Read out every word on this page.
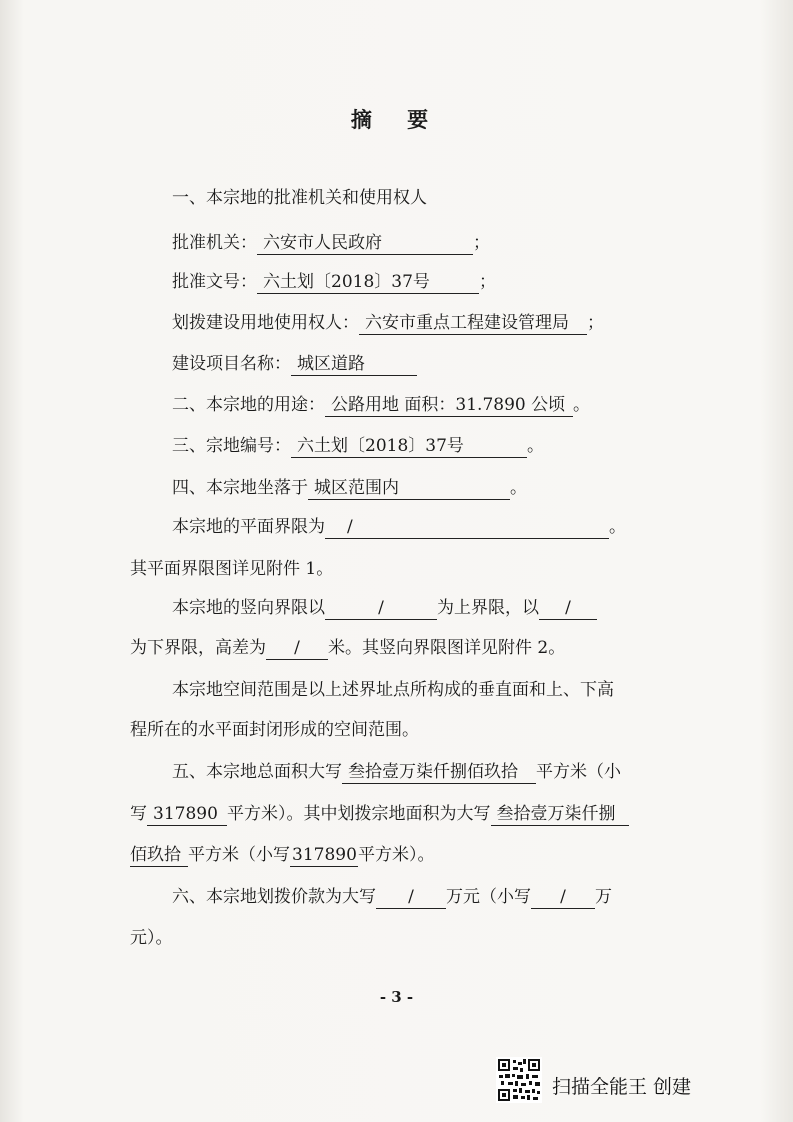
摘 要
一、本宗地的批准机关和使用权人
批准机关： 六安市人民政府	；
批准文号： 六土划〔2018〕37号	；
划拨建设用地使用权人： 六安市重点工程建设管理局 ；
建设项目名称： 城区道路
二、本宗地的用途： 公路用地 面积：31.7890 公顷 。
三、宗地编号： 六土划〔2018〕37号	。
四、本宗地坐落于 城区范围内	。
本宗地的平面界限为 /	。
其平面界限图详见附件 1。
本宗地的竖向界限以	/	为上界限，以 /
为下界限，高差为 / 米。其竖向界限图详见附件 2。
本宗地空间范围是以上述界址点所构成的垂直面和上、下高
程所在的水平面封闭形成的空间范围。
五、本宗地总面积大写 叁拾壹万柒仟捌佰玖拾 平方米（小
写 317890 平方米）。其中划拨宗地面积为大写 叁拾壹万柒仟捌
佰玖拾 平方米（小写 317890平方米）。
六、本宗地划拨价款为大写 / 万元（小写 / 万
元）。
- 3 -
扫描全能王 创建
